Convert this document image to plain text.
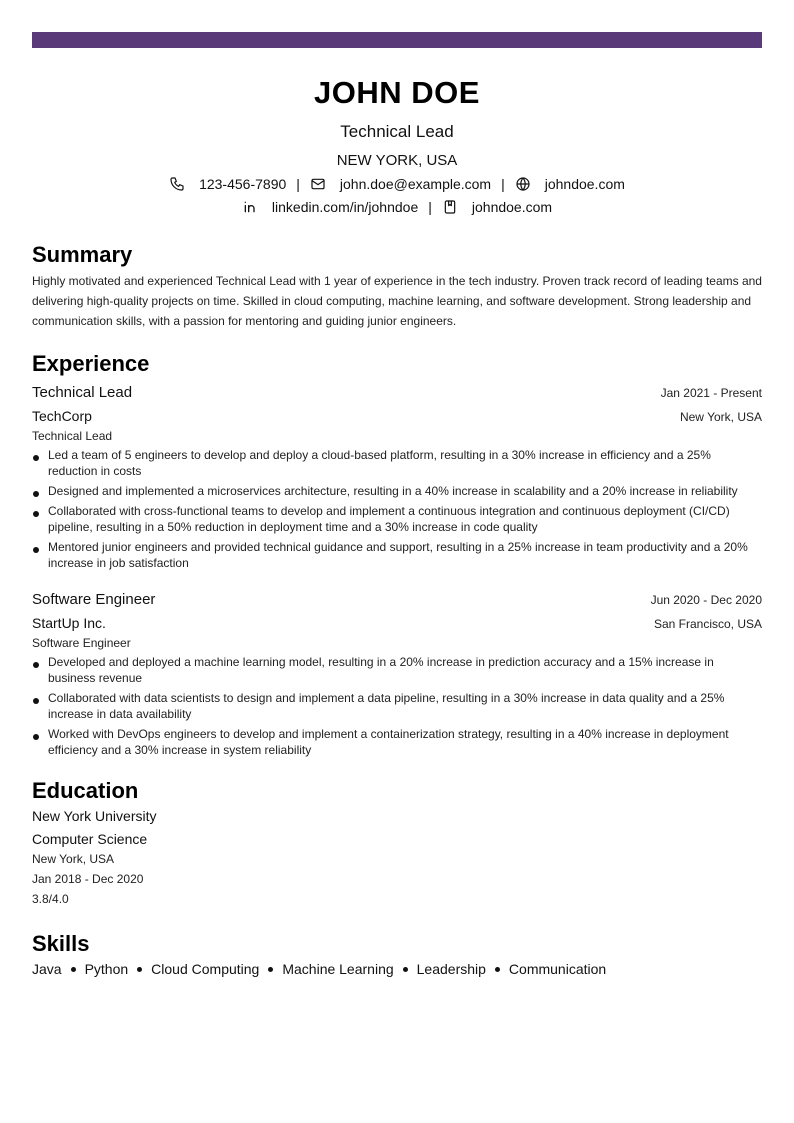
JOHN DOE
Technical Lead
NEW YORK, USA
123-456-7890 |	john.doe@example.com |	johndoe.com
linkedin.com/in/johndoe |	johndoe.com
Summary
Highly motivated and experienced Technical Lead with 1 year of experience in the tech industry. Proven track record of leading teams and delivering high-quality projects on time. Skilled in cloud computing, machine learning, and software development. Strong leadership and communication skills, with a passion for mentoring and guiding junior engineers.
Experience
Technical Lead	Jan 2021 - Present
TechCorp	New York, USA
Technical Lead
Led a team of 5 engineers to develop and deploy a cloud-based platform, resulting in a 30% increase in efficiency and a 25% reduction in costs
Designed and implemented a microservices architecture, resulting in a 40% increase in scalability and a 20% increase in reliability
Collaborated with cross-functional teams to develop and implement a continuous integration and continuous deployment (CI/CD) pipeline, resulting in a 50% reduction in deployment time and a 30% increase in code quality
Mentored junior engineers and provided technical guidance and support, resulting in a 25% increase in team productivity and a 20% increase in job satisfaction
Software Engineer	Jun 2020 - Dec 2020
StartUp Inc.	San Francisco, USA
Software Engineer
Developed and deployed a machine learning model, resulting in a 20% increase in prediction accuracy and a 15% increase in business revenue
Collaborated with data scientists to design and implement a data pipeline, resulting in a 30% increase in data quality and a 25% increase in data availability
Worked with DevOps engineers to develop and implement a containerization strategy, resulting in a 40% increase in deployment efficiency and a 30% increase in system reliability
Education
New York University
Computer Science
New York, USA
Jan 2018 - Dec 2020
3.8/4.0
Skills
Java Python Cloud Computing Machine Learning Leadership Communication
